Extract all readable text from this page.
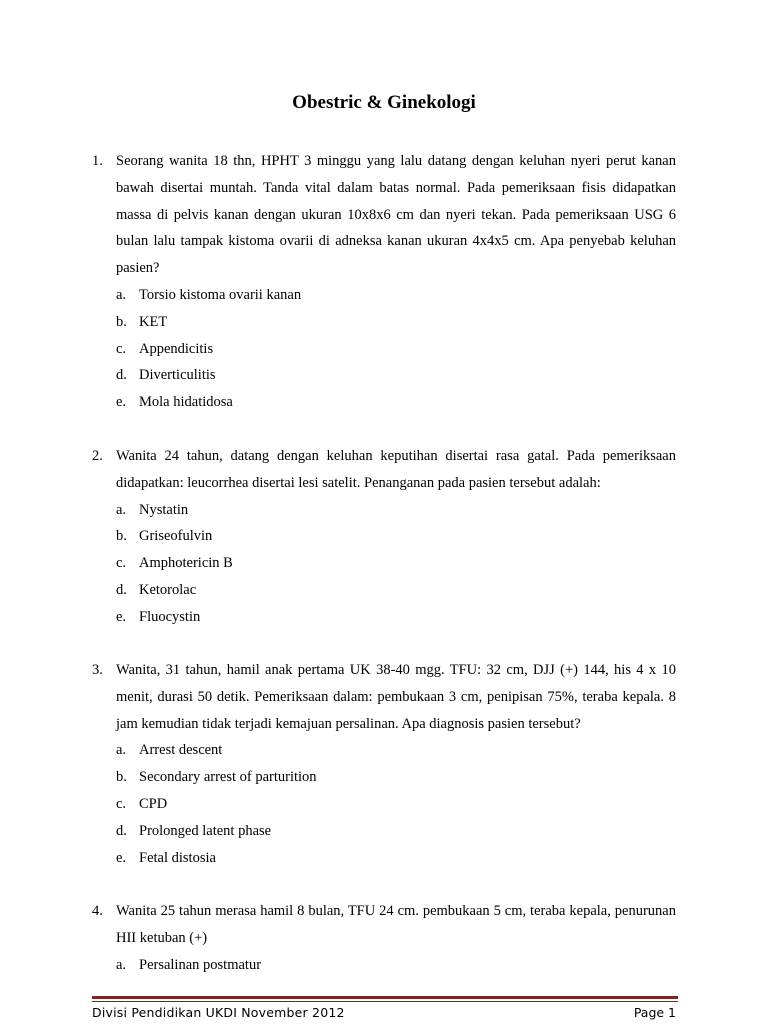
Obestric & Ginekologi
1. Seorang wanita 18 thn, HPHT 3 minggu yang lalu datang dengan keluhan nyeri perut kanan bawah disertai muntah. Tanda vital dalam batas normal. Pada pemeriksaan fisis didapatkan massa di pelvis kanan dengan ukuran 10x8x6 cm dan nyeri tekan. Pada pemeriksaan USG 6 bulan lalu tampak kistoma ovarii di adneksa kanan ukuran 4x4x5 cm. Apa penyebab keluhan pasien?
a. Torsio kistoma ovarii kanan
b. KET
c. Appendicitis
d. Diverticulitis
e. Mola hidatidosa
2. Wanita 24 tahun, datang dengan keluhan keputihan disertai rasa gatal. Pada pemeriksaan didapatkan: leucorrhea disertai lesi satelit. Penanganan pada pasien tersebut adalah:
a. Nystatin
b. Griseofulvin
c. Amphotericin B
d. Ketorolac
e. Fluocystin
3. Wanita, 31 tahun, hamil anak pertama UK 38-40 mgg. TFU: 32 cm, DJJ (+) 144, his 4 x 10 menit, durasi 50 detik. Pemeriksaan dalam: pembukaan 3 cm, penipisan 75%, teraba kepala. 8 jam kemudian tidak terjadi kemajuan persalinan. Apa diagnosis pasien tersebut?
a. Arrest descent
b. Secondary arrest of parturition
c. CPD
d. Prolonged latent phase
e. Fetal distosia
4. Wanita 25 tahun merasa hamil 8 bulan, TFU 24 cm. pembukaan 5 cm, teraba kepala, penurunan HII ketuban (+)
a. Persalinan postmatur
Divisi Pendidikan UKDI November 2012	Page 1
